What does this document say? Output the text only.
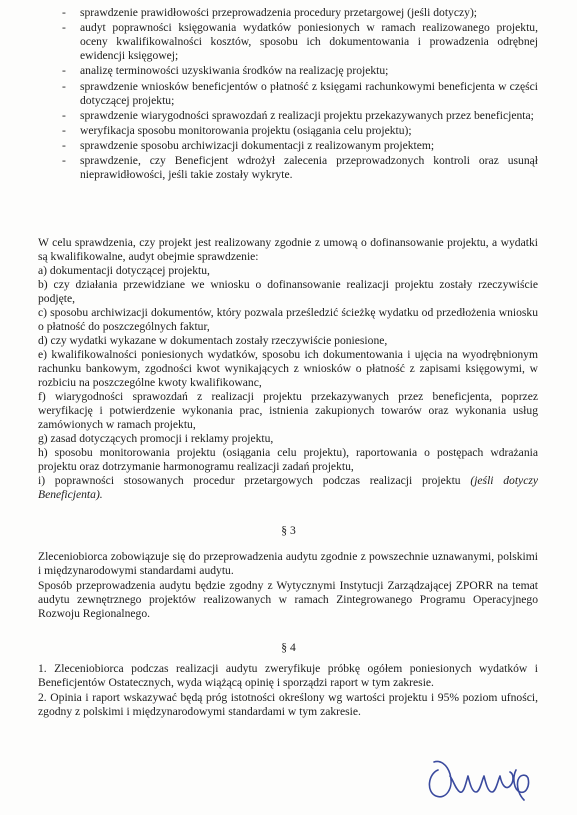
- sprawdzenie prawidłowości przeprowadzenia procedury przetargowej (jeśli dotyczy);
- audyt poprawności księgowania wydatków poniesionych w ramach realizowanego projektu, oceny kwalifikowalności kosztów, sposobu ich dokumentowania i prowadzenia odrębnej ewidencji księgowej;
- analizę terminowości uzyskiwania środków na realizację projektu;
- sprawdzenie wniosków beneficjentów o płatność z księgami rachunkowymi beneficjenta w części dotyczącej projektu;
- sprawdzenie wiarygodności sprawozdań z realizacji projektu przekazywanych przez beneficjenta;
- weryfikacja sposobu monitorowania projektu (osiągania celu projektu);
- sprawdzenie sposobu archiwizacji dokumentacji z realizowanym projektem;
- sprawdzenie, czy Beneficjent wdrożył zalecenia przeprowadzonych kontroli oraz usunął nieprawidłowości, jeśli takie zostały wykryte.

W celu sprawdzenia, czy projekt jest realizowany zgodnie z umową o dofinansowanie projektu, a wydatki są kwalifikowalne, audyt obejmie sprawdzenie:

a) dokumentacji dotyczącej projektu,

b) czy działania przewidziane we wniosku o dofinansowanie realizacji projektu zostały rzeczywiście podjęte,

c) sposobu archiwizacji dokumentów, który pozwala prześledzić ścieżkę wydatku od przedłożenia wniosku o płatność do poszczególnych faktur,

d) czy wydatki wykazane w dokumentach zostały rzeczywiście poniesione,

e) kwalifikowalności poniesionych wydatków, sposobu ich dokumentowania i ujęcia na wyodrębnionym rachunku bankowym, zgodności kwot wynikających z wniosków o płatność z zapisami księgowymi, w rozbiciu na poszczególne kwoty kwalifikowanc,

f) wiarygodności sprawozdań z realizacji projektu przekazywanych przez beneficjenta, poprzez weryfikację i potwierdzenie wykonania prac, istnienia zakupionych towarów oraz wykonania usług zamówionych w ramach projektu,

g) zasad dotyczących promocji i reklamy projektu,

h) sposobu monitorowania projektu (osiągania celu projektu), raportowania o postępach wdrażania projektu oraz dotrzymanie harmonogramu realizacji zadań projektu,

i) poprawności stosowanych procedur przetargowych podczas realizacji projektu (jeśli dotyczy Beneficjenta).

§ 3

Zleceniobiorca zobowiązuje się do przeprowadzenia audytu zgodnie z powszechnie uznawanymi, polskimi i międzynarodowymi standardami audytu.

Sposób przeprowadzenia audytu będzie zgodny z Wytycznymi Instytucji Zarządzającej ZPORR na temat audytu zewnętrznego projektów realizowanych w ramach Zintegrowanego Programu Operacyjnego Rozwoju Regionalnego.

§ 4

1. Zleceniobiorca podczas realizacji audytu zweryfikuje próbkę ogółem poniesionych wydatków i Beneficjentów Ostatecznych, wyda wiążącą opinię i sporządzi raport w tym zakresie.

2. Opinia i raport wskazywać będą próg istotności określony wg wartości projektu i 95% poziom ufności, zgodny z polskimi i międzynarodowymi standardami w tym zakresie.
